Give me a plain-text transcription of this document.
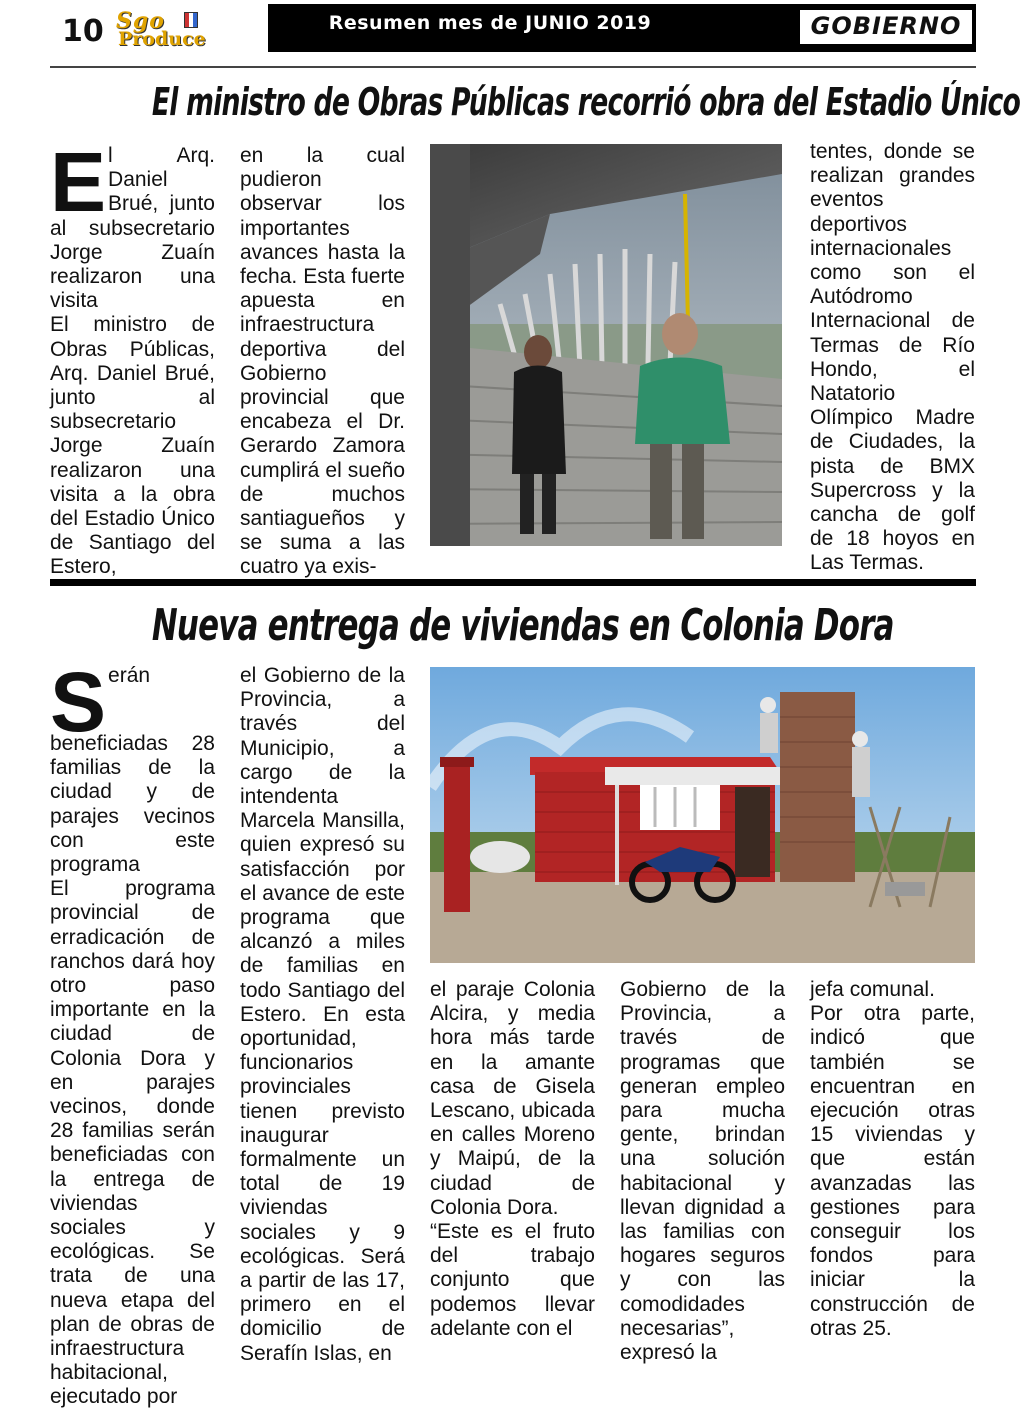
10 Sgo
Produce
Resumen mes de JUNIO 2019	GOBIERNO
El ministro de Obras Públicas recorrió obra del Estadio Único

El Arq. Daniel Brué, junto al subsecretario Jorge Zuaín realizaron una visita

El ministro de Obras Públicas, Arq. Daniel Brué, junto al subsecretario Jorge Zuaín realizaron una visita a la obra del Estadio Único de Santiago del Estero,

en la cual pudieron observar los importantes avances hasta la fecha. Esta fuerte apuesta en infraestructura deportiva del Gobierno provincial que encabeza el Dr. Gerardo Zamora cumplirá el sueño de muchos santiagueños y se suma a las cuatro ya exis-
tentes, donde se realizan grandes eventos deportivos internacionales como son el Autódromo Internacional de Termas de Río Hondo, el Natatorio Olímpico Madre de Ciudades, la pista de BMX Supercross y la cancha de golf de 18 hoyos en Las Termas.
Nueva entrega de viviendas en Colonia Dora

Serán beneficiadas 28 familias de la ciudad y de parajes vecinos con este programa

El programa provincial de erradicación de ranchos dará hoy otro paso importante en la ciudad de Colonia Dora y en parajes vecinos, donde 28 familias serán beneficiadas con la entrega de viviendas sociales y ecológicas. Se trata de una nueva etapa del plan de obras de infraestructura habitacional, ejecutado por

el Gobierno de la Provincia, a través del Municipio, a cargo de la intendenta Marcela Mansilla, quien expresó su satisfacción por el avance de este programa que alcanzó a miles de familias en todo Santiago del Estero. En esta oportunidad, funcionarios provinciales tienen previsto inaugurar formalmente un total de 19 viviendas sociales y 9 ecológicas. Será a partir de las 17, primero en el domicilio de Serafín Islas, en

el paraje Colonia Alcira, y media hora más tarde en la amante casa de Gisela Lescano, ubicada en calles Moreno y Maipú, de la ciudad de Colonia Dora.

“Este es el fruto del trabajo conjunto que podemos llevar adelante con el

Gobierno de la Provincia, a través de programas que generan empleo para mucha gente, brindan una solución habitacional y llevan dignidad a las familias con hogares seguros y con las comodidades necesarias”, expresó la

jefa comunal.

Por otra parte, indicó que también se encuentran en ejecución otras 15 viviendas y que están avanzadas las gestiones para conseguir los fondos para iniciar la construcción de otras 25.
